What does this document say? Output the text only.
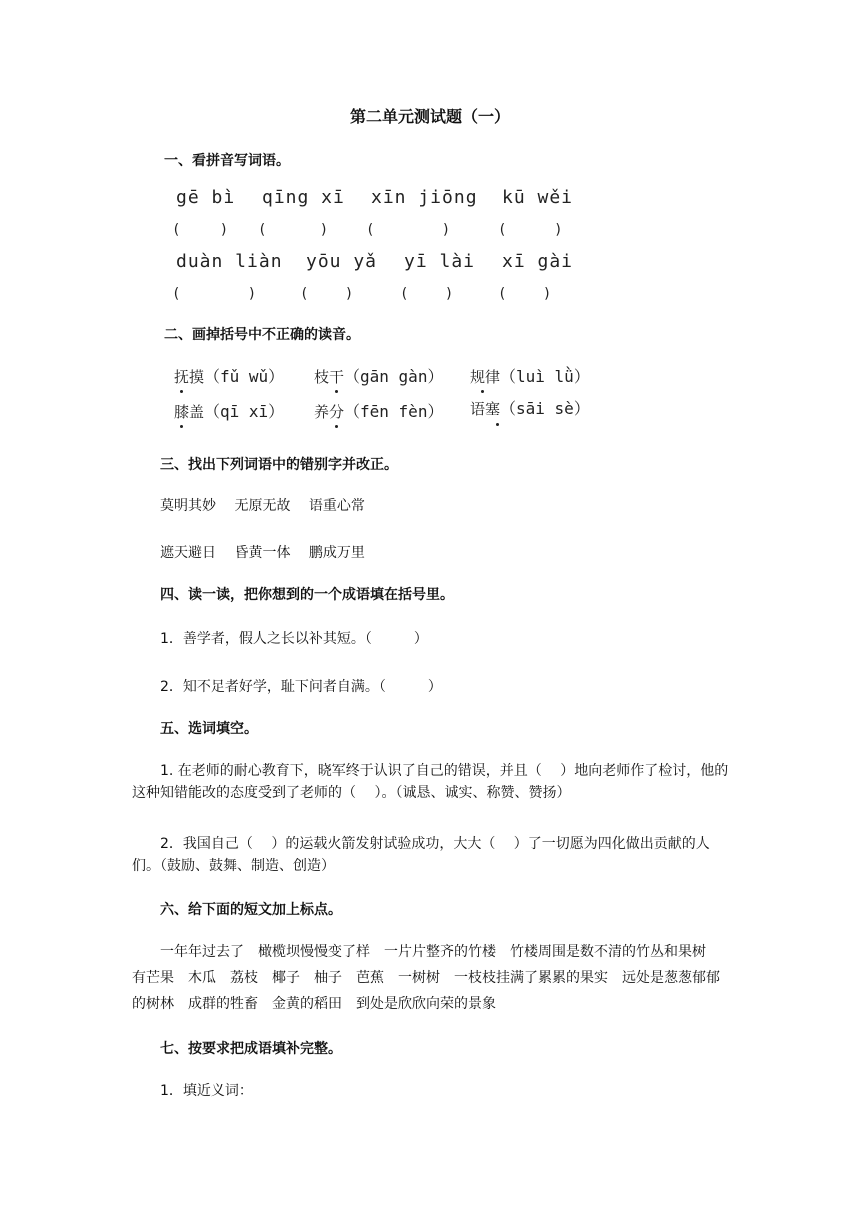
第二单元测试题（一）
一、看拼音写词语。
gē bì qīng xī xīn jiōng kū wěi
(　   ) (　　   )	(　　　   )	(　    )
duàn liàn yōu yǎ yī lài xī gài
(　　　   )	(　　 )	(　　 )	(　　 )
二、画掉括号中不正确的读音。
抚摸（fǔ wǔ） 枝干（gān gàn） 规律（luì lǜ）
膝盖（qī xī） 养分（fēn fèn） 语塞（sāi sè）
三、找出下列词语中的错别字并改正。
莫明其妙　 无原无故　 语重心常
遮天避日　 昏黄一体　 鹏成万里
四、读一读，把你想到的一个成语填在括号里。
1．善学者，假人之长以补其短。（　　　）
2．知不足者好学，耻下问者自满。（　　　）
五、选词填空。
1. 在老师的耐心教育下，晓军终于认识了自己的错误，并且（　 ）地向老师作了检讨，他的这种知错能改的态度受到了老师的（　 ）。（诚恳、诚实、称赞、赞扬）
2．我国自己（　 ）的运载火箭发射试验成功，大大（　 ）了一切愿为四化做出贡献的人们。（鼓励、鼓舞、制造、创造）
六、给下面的短文加上标点。
一年年过去了　橄榄坝慢慢变了样　一片片整齐的竹楼　竹楼周围是数不清的竹丛和果树　有芒果　木瓜　荔枝　椰子　柚子　芭蕉　一树树　一枝枝挂满了累累的果实　远处是葱葱郁郁的树林　成群的牲畜　金黄的稻田　到处是欣欣向荣的景象
七、按要求把成语填补完整。
1．填近义词：
